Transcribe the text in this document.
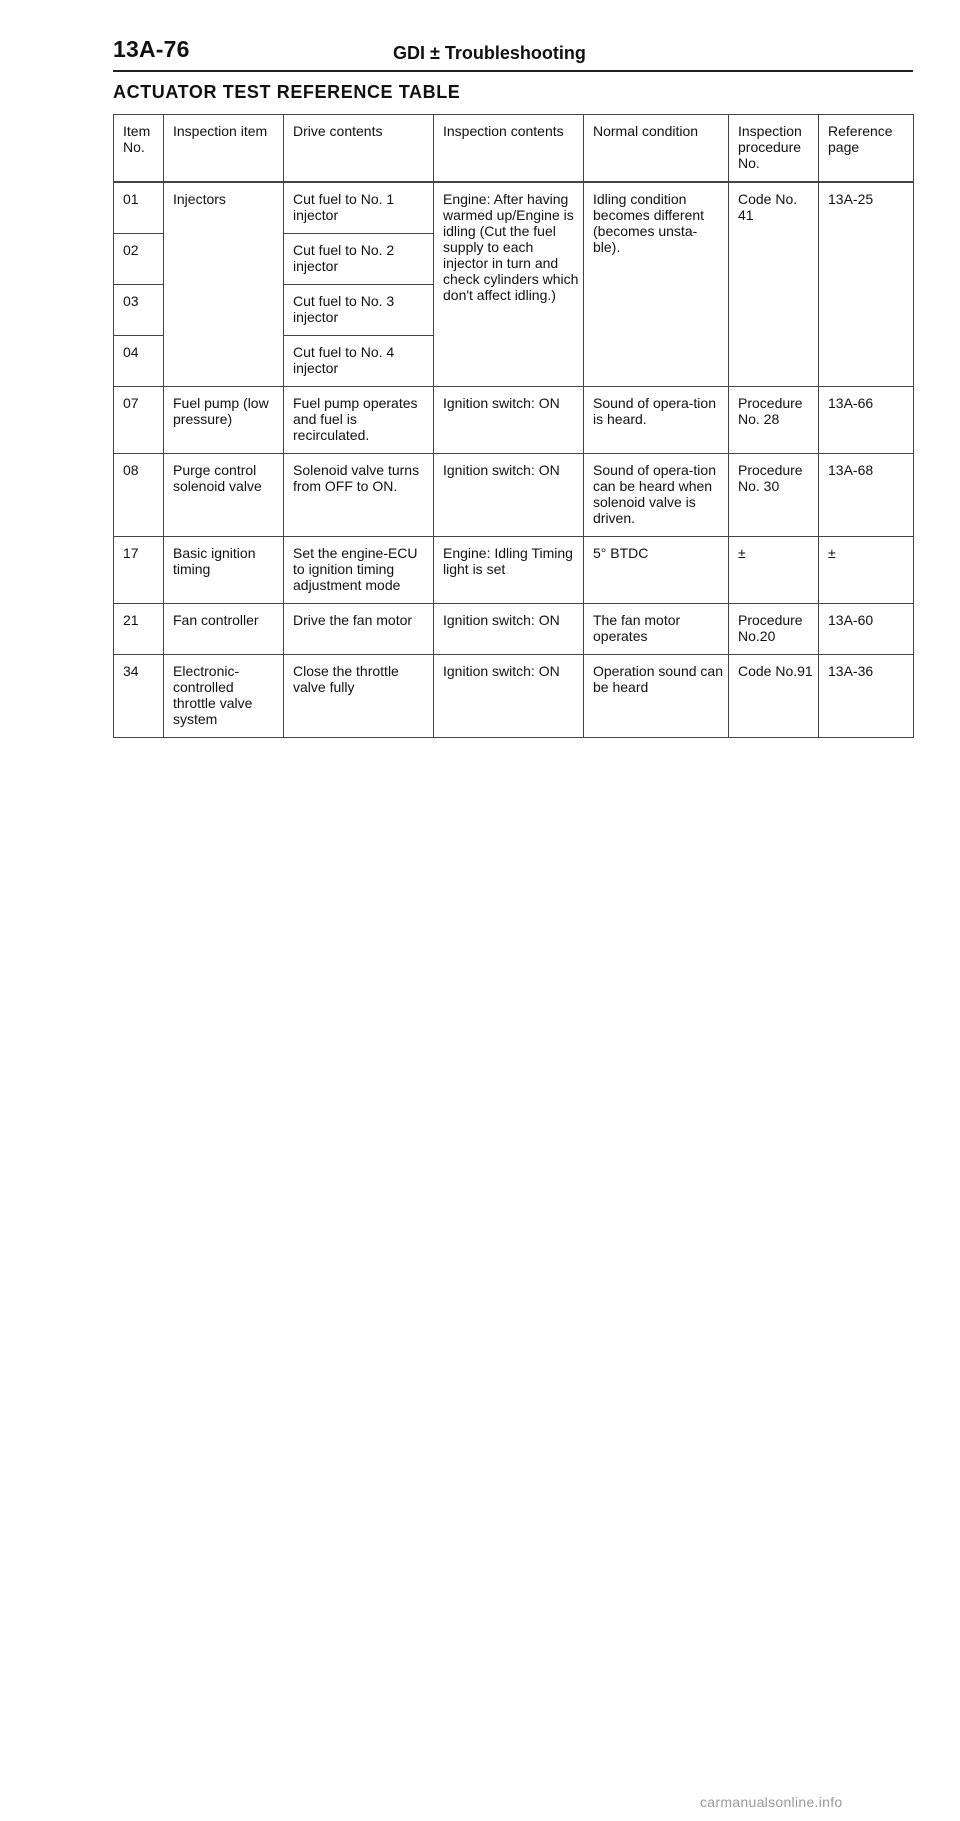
13A-76	GDI ± Troubleshooting
ACTUATOR TEST REFERENCE TABLE
Item No.	Inspection item	Drive contents	Inspection contents	Normal condition	Inspection procedure No.	Reference page
01	Injectors	Cut fuel to No. 1 injector	Engine: After having warmed up/Engine is idling (Cut the fuel supply to each injector in turn and check cylinders which don't affect idling.)	Idling condition becomes different (becomes unsta-ble).	Code No. 41	13A-25
02		Cut fuel to No. 2 injector				
03		Cut fuel to No. 3 injector				
04		Cut fuel to No. 4 injector				
07	Fuel pump (low pressure)	Fuel pump operates and fuel is recirculated.	Ignition switch: ON	Sound of opera-tion is heard.	Procedure No. 28	13A-66
08	Purge control solenoid valve	Solenoid valve turns from OFF to ON.	Ignition switch: ON	Sound of opera-tion can be heard when solenoid valve is driven.	Procedure No. 30	13A-68
17	Basic ignition timing	Set the engine-ECU to ignition timing adjustment mode	Engine: Idling Timing light is set	5° BTDC	±	±
21	Fan controller	Drive the fan motor	Ignition switch: ON	The fan motor operates	Procedure No.20	13A-60
34	Electronic-controlled throttle valve system	Close the throttle valve fully	Ignition switch: ON	Operation sound can be heard	Code No.91	13A-36
carmanualsonline.info
